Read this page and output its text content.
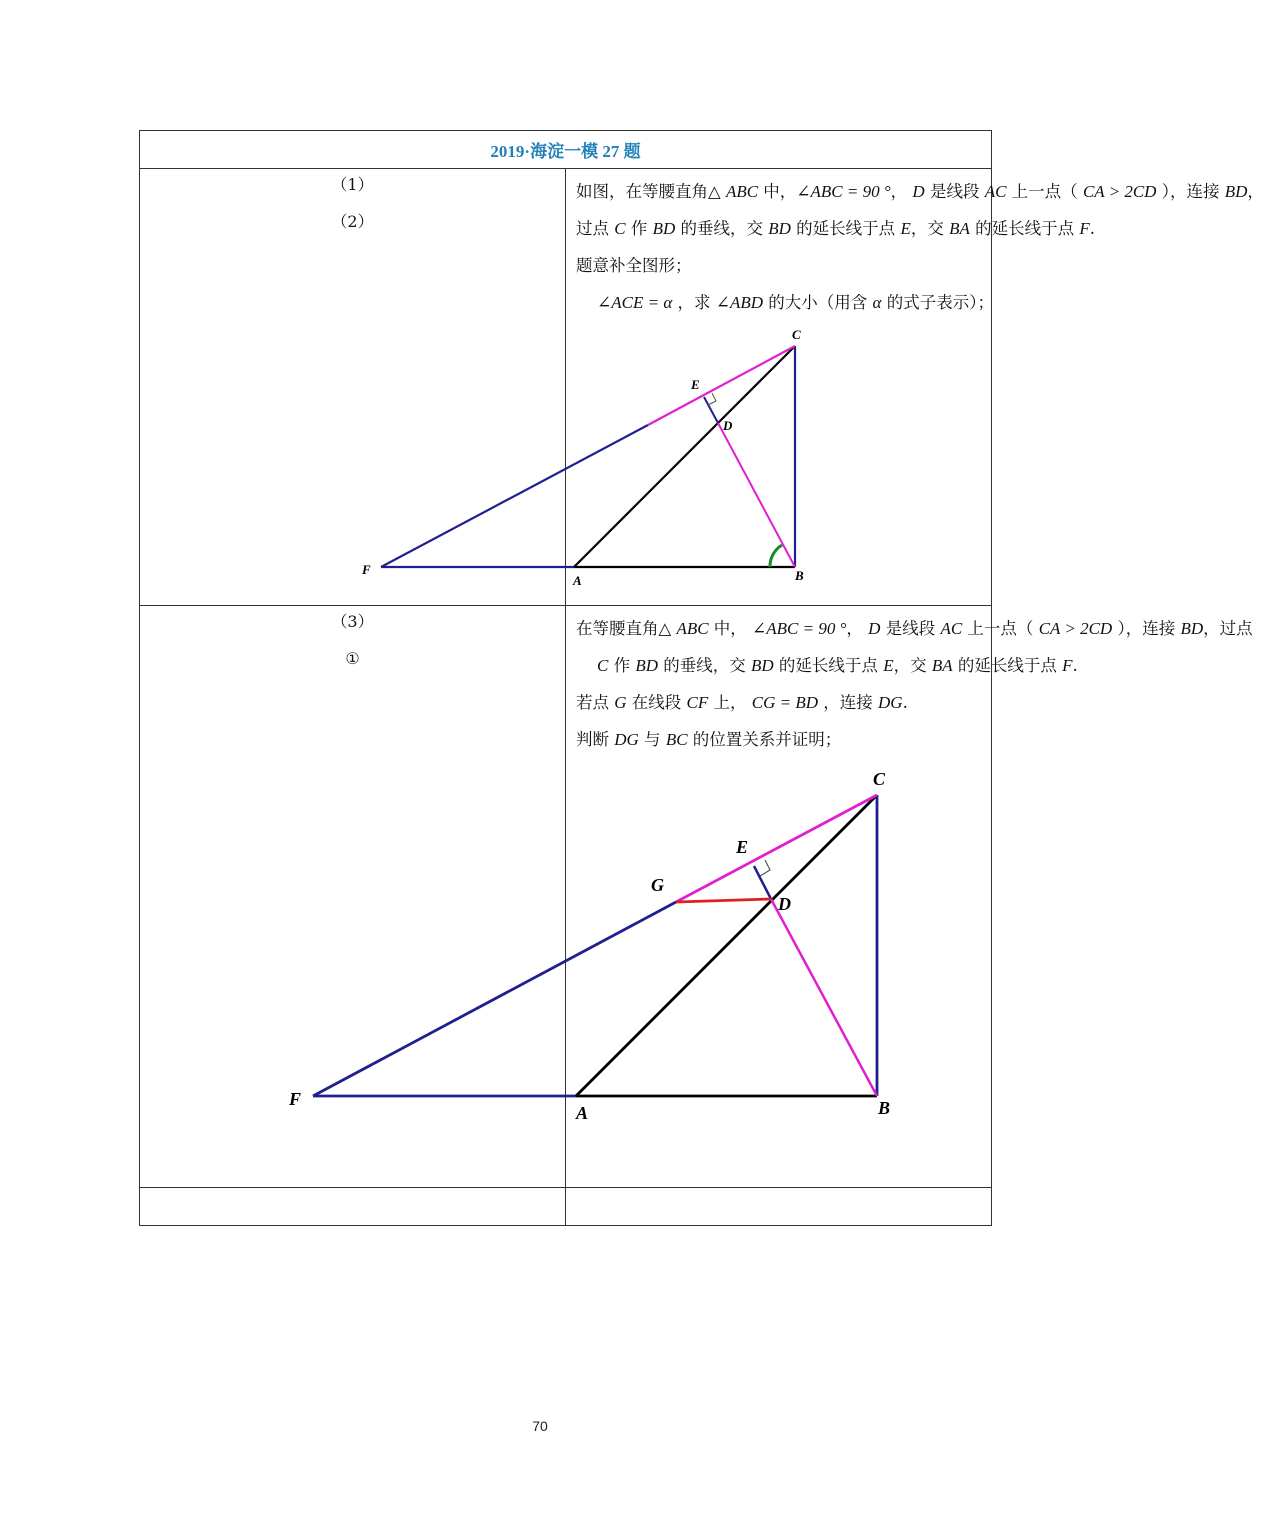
2019·海淀一模 27 题	

（1）
（2）	如图，在等腰直角△ ABC 中，∠ABC = 90 °， D 是线段 AC 上一点（ CA > 2CD ），连接 BD，
过点 C 作 BD 的垂线，交 BD 的延长线于点 E，交 BA 的延长线于点 F.
题意补全图形；
∠ACE = α ，求 ∠ABD 的大小（用含 α 的式子表示）；

（3）
①	在等腰直角△ ABC 中， ∠ABC = 90 °， D 是线段 AC 上一点（ CA > 2CD ），连接 BD，过点
C 作 BD 的垂线，交 BD 的延长线于点 E，交 BA 的延长线于点 F.
若点 G 在线段 CF 上， CG = BD ，连接 DG.
判断 DG 与 BC 的位置关系并证明；

C
E
D
F
A	B
C
E
G
D
F
A	B
70
